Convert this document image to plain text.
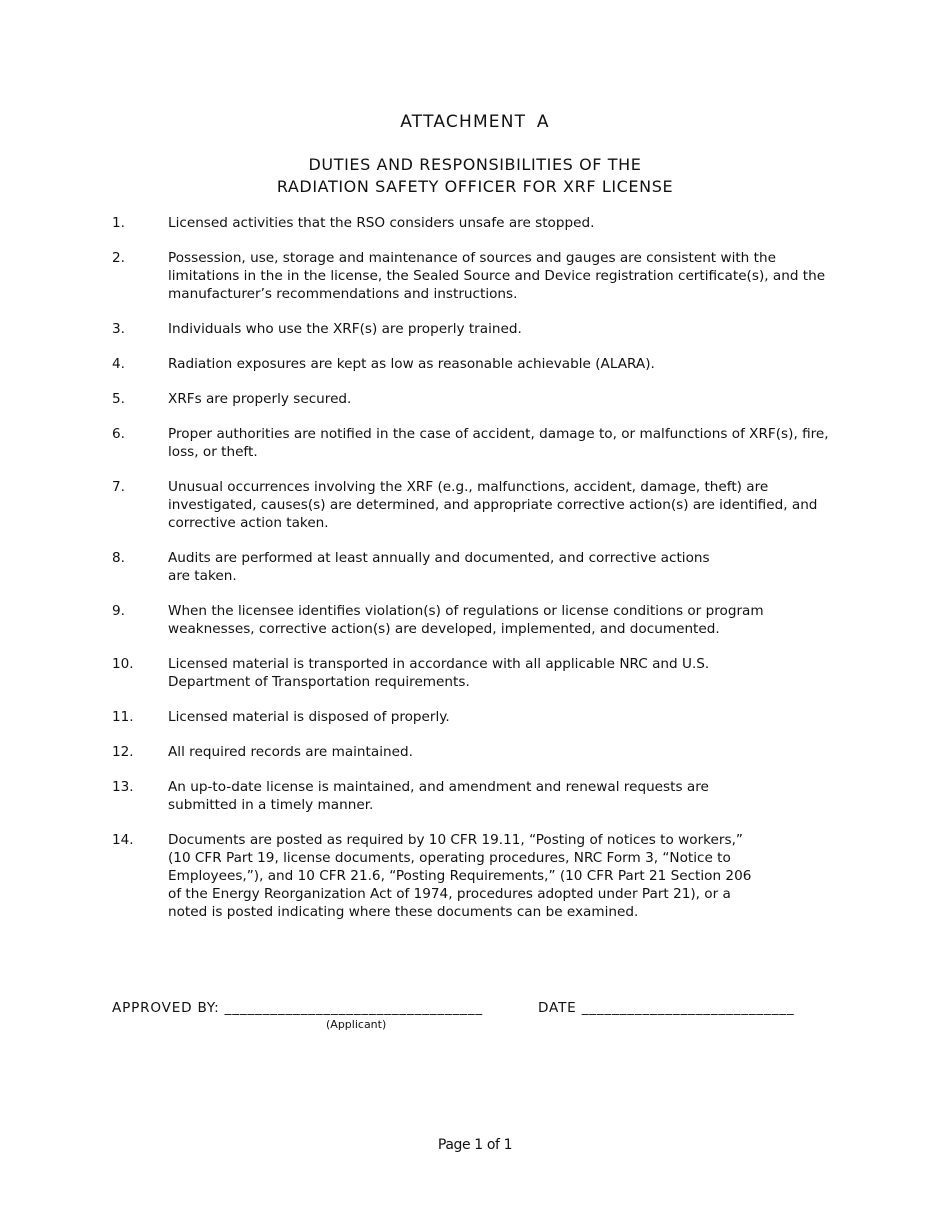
ATTACHMENT A
DUTIES AND RESPONSIBILITIES OF THE
RADIATION SAFETY OFFICER FOR XRF LICENSE
1.	Licensed activities that the RSO considers unsafe are stopped.
2.	Possession, use, storage and maintenance of sources and gauges are consistent with the
limitations in the in the license, the Sealed Source and Device registration certificate(s), and the
manufacturer’s recommendations and instructions.
3.	Individuals who use the XRF(s) are properly trained.
4.	Radiation exposures are kept as low as reasonable achievable (ALARA).
5.	XRFs are properly secured.
6.	Proper authorities are notified in the case of accident, damage to, or malfunctions of XRF(s), fire,
loss, or theft.
7.	Unusual occurrences involving the XRF (e.g., malfunctions, accident, damage, theft) are
investigated, causes(s) are determined, and appropriate corrective action(s) are identified, and
corrective action taken.
8.	Audits are performed at least annually and documented, and corrective actions
are taken.
9.	When the licensee identifies violation(s) of regulations or license conditions or program
weaknesses, corrective action(s) are developed, implemented, and documented.
10.	Licensed material is transported in accordance with all applicable NRC and U.S.
Department of Transportation requirements.
11.	Licensed material is disposed of properly.
12.	All required records are maintained.
13.	An up-to-date license is maintained, and amendment and renewal requests are
submitted in a timely manner.
14.	Documents are posted as required by 10 CFR 19.11, “Posting of notices to workers,”
(10 CFR Part 19, license documents, operating procedures, NRC Form 3, “Notice to
Employees,”), and 10 CFR 21.6, “Posting Requirements,” (10 CFR Part 21 Section 206
of the Energy Reorganization Act of 1974, procedures adopted under Part 21), or a
noted is posted indicating where these documents can be examined.
APPROVED BY: __________________________________
(Applicant)
DATE ____________________________
Page 1 of 1
